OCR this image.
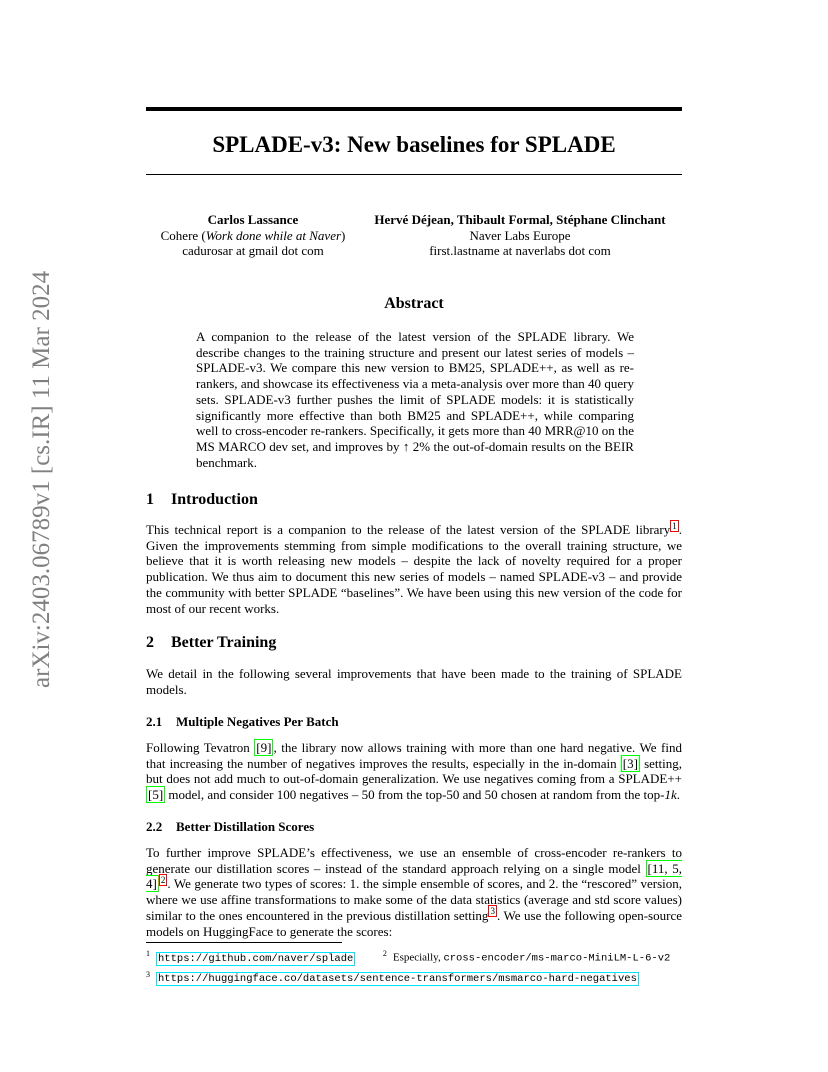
arXiv:2403.06789v1 [cs.IR] 11 Mar 2024
SPLADE-v3: New baselines for SPLADE
Carlos Lassance
Cohere (Work done while at Naver)
cadurosar at gmail dot com
Hervé Déjean, Thibault Formal, Stéphane Clinchant
Naver Labs Europe
first.lastname at naverlabs dot com
Abstract
A companion to the release of the latest version of the SPLADE library. We describe changes to the training structure and present our latest series of models – SPLADE-v3. We compare this new version to BM25, SPLADE++, as well as re-rankers, and showcase its effectiveness via a meta-analysis over more than 40 query sets. SPLADE-v3 further pushes the limit of SPLADE models: it is statistically significantly more effective than both BM25 and SPLADE++, while comparing well to cross-encoder re-rankers. Specifically, it gets more than 40 MRR@10 on the MS MARCO dev set, and improves by ↑ 2% the out-of-domain results on the BEIR benchmark.
1 Introduction
This technical report is a companion to the release of the latest version of the SPLADE library $^1$ . Given the improvements stemming from simple modifications to the overall training structure, we believe that it is worth releasing new models – despite the lack of novelty required for a proper publication. We thus aim to document this new series of models – named SPLADE-v3 – and provide the community with better SPLADE “baselines”. We have been using this new version of the code for most of our recent works.
2 Better Training
We detail in the following several improvements that have been made to the training of SPLADE models.
2.1 Multiple Negatives Per Batch
Following Tevatron [9] , the library now allows training with more than one hard negative. We find that increasing the number of negatives improves the results, especially in the in-domain [3] setting, but does not add much to out-of-domain generalization. We use negatives coming from a SPLADE++ [5] model, and consider 100 negatives – 50 from the top-50 and 50 chosen at random from the top-1k.
2.2 Better Distillation Scores
To further improve SPLADE’s effectiveness, we use an ensemble of cross-encoder re-rankers to generate our distillation scores – instead of the standard approach relying on a single model [11, 5, 4] $^2$ . We generate two types of scores: 1. the simple ensemble of scores, and 2. the “rescored” version, where we use affine transformations to make some of the data statistics (average and std score values) similar to the ones encountered in the previous distillation setting $^3$ . We use the following open-source models on HuggingFace to generate the scores:
$^1$ https://github.com/naver/splade	$^2$ Especially, cross-encoder/ms-marco-MiniLM-L-6-v2
$^3$ https://huggingface.co/datasets/sentence-transformers/msmarco-hard-negatives
